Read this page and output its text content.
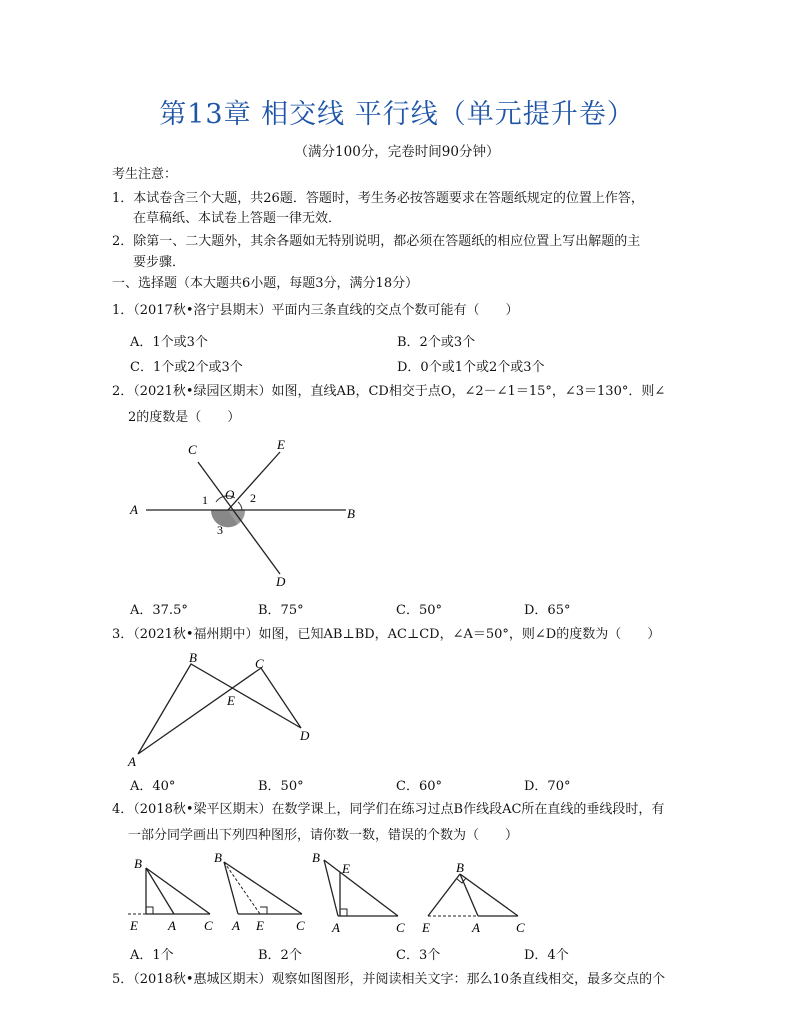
第13章 相交线 平行线（单元提升卷）
（满分100分，完卷时间90分钟）
考生注意：
1．本试卷含三个大题，共26题．答题时，考生务必按答题要求在答题纸规定的位置上作答，
在草稿纸、本试卷上答题一律无效．
2．除第一、二大题外，其余各题如无特别说明，都必须在答题纸的相应位置上写出解题的主
要步骤．
一、选择题（本大题共6小题，每题3分，满分18分）
1．（2017秋•洛宁县期末）平面内三条直线的交点个数可能有（　　）
A．1个或3个	B．2个或3个
C．1个或2个或3个	D．0个或1个或2个或3个
2．（2021秋•绿园区期末）如图，直线AB，CD相交于点O，∠2－∠1＝15°，∠3＝130°．则∠
2的度数是（　　）
A	B
C
D
E
O
1	2
3
A．37.5°	B．75°	C．50°	D．65°
3．（2021秋•福州期中）如图，已知AB⊥BD，AC⊥CD，∠A＝50°，则∠D的度数为（　　）
A
B	C
D
E
A．40°	B．50°	C．60°	D．70°
4．（2018秋•梁平区期末）在数学课上，同学们在练习过点B作线段AC所在直线的垂线段时，有
一部分同学画出下列四种图形，请你数一数，错误的个数为（　　）
B
E A C
B
A E C
B
E
A	C
B
E	A	C
A．1个	B．2个	C．3个	D．4个
5．（2018秋•惠城区期末）观察如图图形，并阅读相关文字：那么10条直线相交，最多交点的个
